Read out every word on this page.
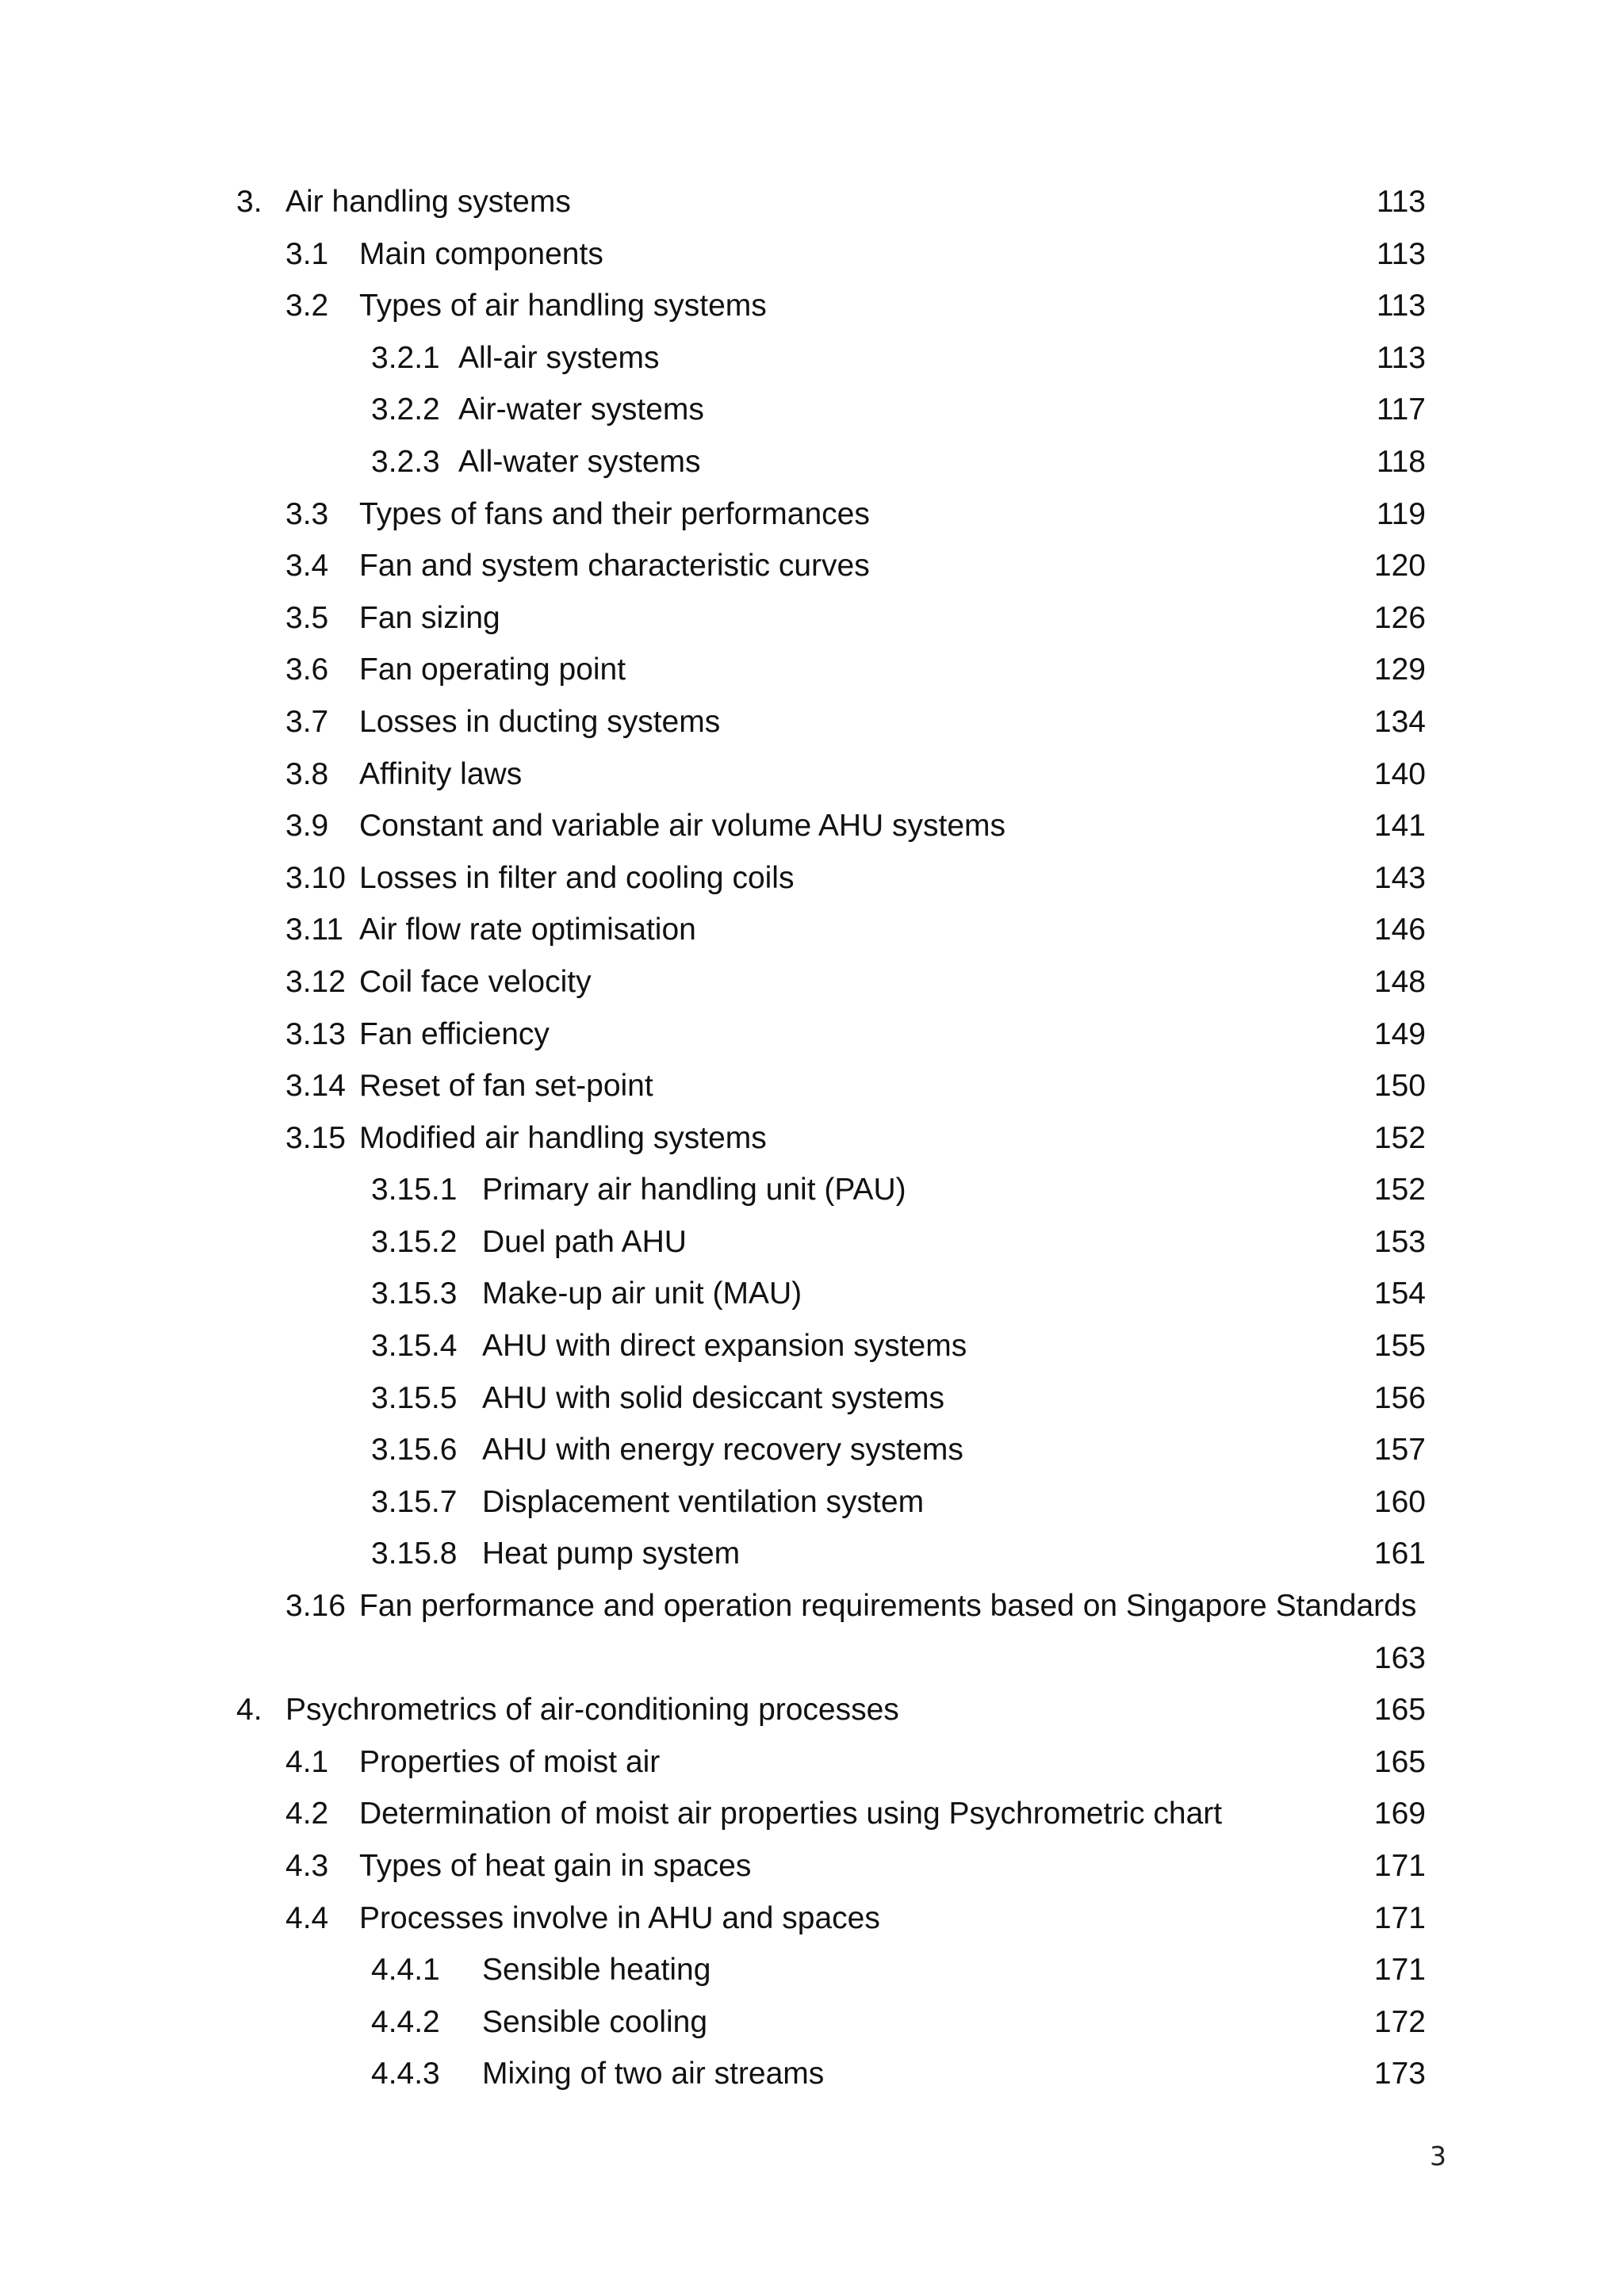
3. Air handling systems	113
3.1 Main components	113
3.2 Types of air handling systems	113
3.2.1 All-air systems	113
3.2.2 Air-water systems	117
3.2.3 All-water systems	118
3.3 Types of fans and their performances	119
3.4 Fan and system characteristic curves	120
3.5 Fan sizing	126
3.6 Fan operating point	129
3.7 Losses in ducting systems	134
3.8 Affinity laws	140
3.9 Constant and variable air volume AHU systems	141
3.10 Losses in filter and cooling coils	143
3.11 Air flow rate optimisation	146
3.12 Coil face velocity	148
3.13 Fan efficiency	149
3.14 Reset of fan set-point	150
3.15 Modified air handling systems	152
3.15.1 Primary air handling unit (PAU)	152
3.15.2 Duel path AHU	153
3.15.3 Make-up air unit (MAU)	154
3.15.4 AHU with direct expansion systems	155
3.15.5 AHU with solid desiccant systems	156
3.15.6 AHU with energy recovery systems	157
3.15.7 Displacement ventilation system	160
3.15.8 Heat pump system	161
3.16 Fan performance and operation requirements based on Singapore Standards
163
4. Psychrometrics of air-conditioning processes	165
4.1 Properties of moist air	165
4.2 Determination of moist air properties using Psychrometric chart	169
4.3 Types of heat gain in spaces	171
4.4 Processes involve in AHU and spaces	171
4.4.1 Sensible heating	171
4.4.2 Sensible cooling	172
4.4.3 Mixing of two air streams	173
3
